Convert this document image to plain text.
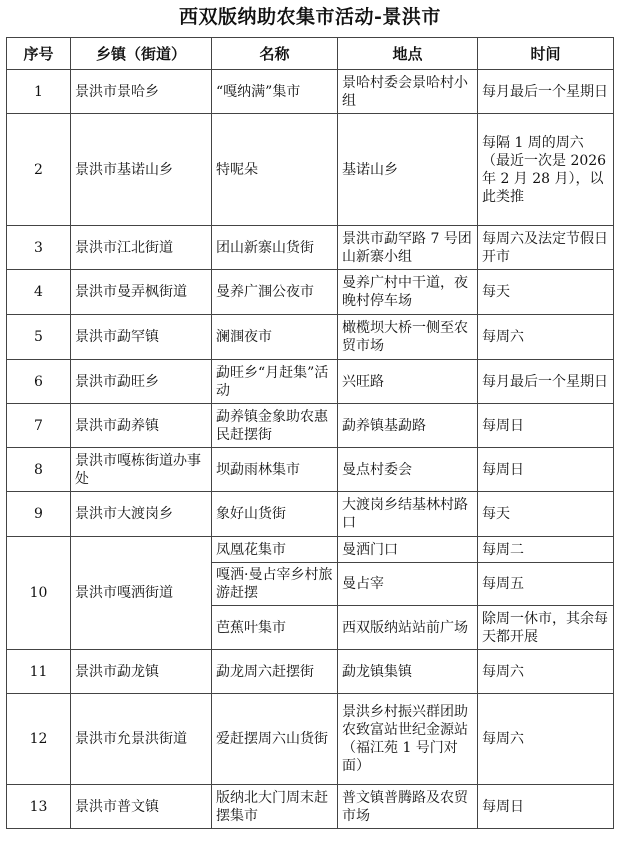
西双版纳助农集市活动-景洪市
序号	乡镇（街道）	名称	地点	时间
1	景洪市景哈乡	“嘎纳满”集市	景哈村委会景哈村小组	每月最后一个星期日
2	景洪市基诺山乡	特呢朵	基诺山乡	每隔 1 周的周六（最近一次是 2026 年 2 月 28 月），以此类推
3	景洪市江北街道	团山新寨山货街	景洪市勐罕路 7 号团山新寨小组	每周六及法定节假日开市
4	景洪市曼弄枫街道	曼养广涠公夜市	曼养广村中干道，夜晚村停车场	每天
5	景洪市勐罕镇	澜涠夜市	橄榄坝大桥一侧至农贸市场	每周六
6	景洪市勐旺乡	勐旺乡“月赶集”活动	兴旺路	每月最后一个星期日
7	景洪市勐养镇	勐养镇金象助农惠民赶摆街	勐养镇基勐路	每周日
8	景洪市嘎栋街道办事处	坝勐雨林集市	曼点村委会	每周日
9	景洪市大渡岗乡	象好山货街	大渡岗乡结基林村路口	每天
10	景洪市嘎洒街道	凤凰花集市	曼洒门口	每周二
		嘎洒·曼占宰乡村旅游赶摆	曼占宰	每周五
		芭蕉叶集市	西双版纳站站前广场	除周一休市，其余每天都开展
11	景洪市勐龙镇	勐龙周六赶摆街	勐龙镇集镇	每周六
12	景洪市允景洪街道	爱赶摆周六山货街	景洪乡村振兴群团助农致富站世纪金源站（福江苑 1 号门对面）	每周六
13	景洪市普文镇	版纳北大门周末赶摆集市	普文镇普腾路及农贸市场	每周日
